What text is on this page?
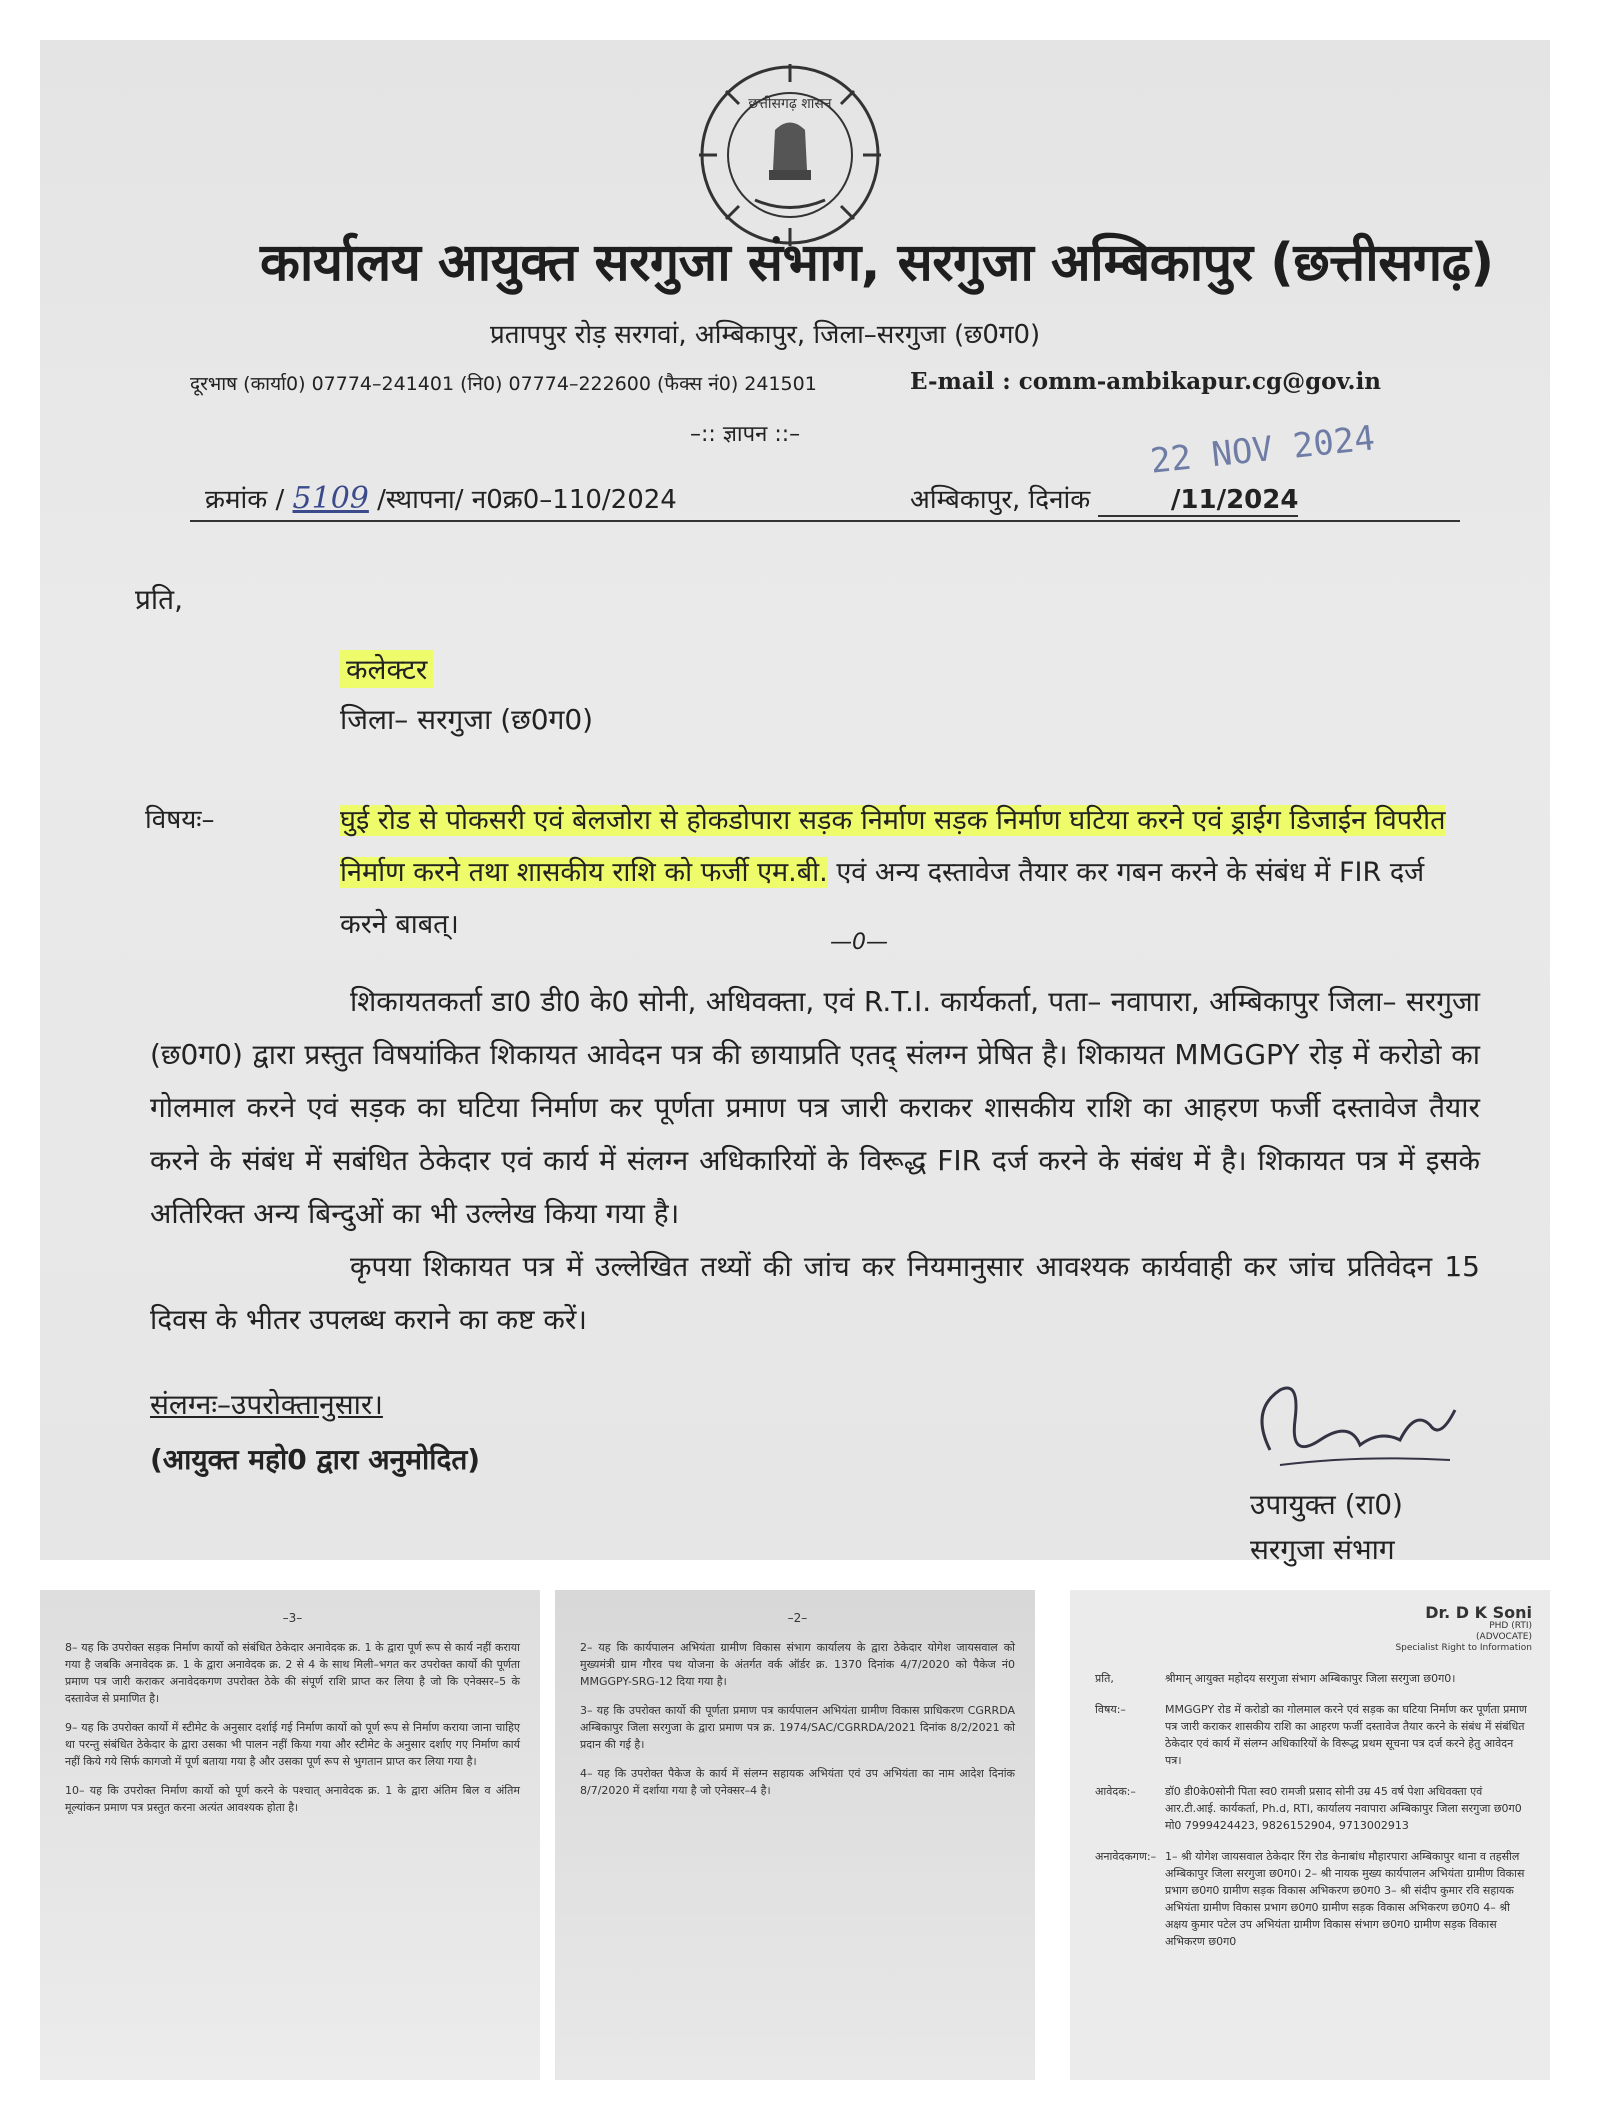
छत्तीसगढ़ शासन
कार्यालय आयुक्त सरगुजा संभाग, सरगुजा अम्बिकापुर (छत्तीसगढ़)
प्रतापपुर रोड़ सरगवां, अम्बिकापुर, जिला–सरगुजा (छ0ग0)
दूरभाष (कार्या0) 07774–241401 (नि0) 07774–222600 (फैक्स नं0) 241501	E-mail : comm-ambikapur.cg@gov.in
–:: ज्ञापन ::–
क्रमांक / 5109 /स्थापना/ न0क्र0–110/2024
22 NOV 2024
अम्बिकापुर, दिनांक	/11/2024
प्रति,
कलेक्टर
जिला– सरगुजा (छ0ग0)
विषयः–	घुई रोड से पोकसरी एवं बेलजोरा से होकडोपारा सड़क निर्माण सड़क निर्माण घटिया करने एवं ड्राईग डिजाईन विपरीत निर्माण करने तथा शासकीय राशि को फर्जी एम.बी. एवं अन्य दस्तावेज तैयार कर गबन करने के संबंध में FIR दर्ज करने बाबत्।
—0—

शिकायतकर्ता डा0 डी0 के0 सोनी, अधिवक्ता, एवं R.T.I. कार्यकर्ता, पता– नवापारा, अम्बिकापुर जिला– सरगुजा (छ0ग0) द्वारा प्रस्तुत विषयांकित शिकायत आवेदन पत्र की छायाप्रति एतद् संलग्न प्रेषित है। शिकायत MMGGPY रोड़ में करोडो का गोलमाल करने एवं सड़क का घटिया निर्माण कर पूर्णता प्रमाण पत्र जारी कराकर शासकीय राशि का आहरण फर्जी दस्तावेज तैयार करने के संबंध में सबंधित ठेकेदार एवं कार्य में संलग्न अधिकारियों के विरूद्ध FIR दर्ज करने के संबंध में है। शिकायत पत्र में इसके अतिरिक्त अन्य बिन्दुओं का भी उल्लेख किया गया है।

कृपया शिकायत पत्र में उल्लेखित तथ्यों की जांच कर नियमानुसार आवश्यक कार्यवाही कर जांच प्रतिवेदन 15 दिवस के भीतर उपलब्ध कराने का कष्ट करें।

संलग्नः–उपरोक्तानुसार।
(आयुक्त महो0 द्वारा अनुमोदित)
उपायुक्त (रा0)
सरगुजा संभाग
–3–

8– यह कि उपरोक्त सड़क निर्माण कार्यो को संबंधित ठेकेदार अनावेदक क्र. 1 के द्वारा पूर्ण रूप से कार्य नहीं कराया गया है जबकि अनावेदक क्र. 1 के द्वारा अनावेदक क्र. 2 से 4 के साथ मिली–भगत कर उपरोक्त कार्यो की पूर्णता प्रमाण पत्र जारी कराकर अनावेदकगण उपरोक्त ठेके की संपूर्ण राशि प्राप्त कर लिया है जो कि एनेक्सर–5 के दस्तावेज से प्रमाणित है।

9– यह कि उपरोक्त कार्यो में स्टीमेट के अनुसार दर्शाई गई निर्माण कार्यो को पूर्ण रूप से निर्माण कराया जाना चाहिए था परन्तु संबंधित ठेकेदार के द्वारा उसका भी पालन नहीं किया गया और स्टीमेट के अनुसार दर्शाए गए निर्माण कार्य नहीं किये गये सिर्फ कागजो में पूर्ण बताया गया है और उसका पूर्ण रूप से भुगतान प्राप्त कर लिया गया है।

10– यह कि उपरोक्त निर्माण कार्यो को पूर्ण करने के पश्चात् अनावेदक क्र. 1 के द्वारा अंतिम बिल व अंतिम मूल्यांकन प्रमाण पत्र प्रस्तुत करना अत्यंत आवश्यक होता है।

–2–

2– यह कि कार्यपालन अभियंता ग्रामीण विकास संभाग कार्यालय के द्वारा ठेकेदार योगेश जायसवाल को मुख्यमंत्री ग्राम गौरव पथ योजना के अंतर्गत वर्क ऑर्डर क्र. 1370 दिनांक 4/7/2020 को पैकेज नं0 MMGGPY-SRG-12 दिया गया है।

3– यह कि उपरोक्त कार्यो की पूर्णता प्रमाण पत्र कार्यपालन अभियंता ग्रामीण विकास प्राधिकरण CGRRDA अम्बिकापुर जिला सरगुजा के द्वारा प्रमाण पत्र क्र. 1974/SAC/CGRRDA/2021 दिनांक 8/2/2021 को प्रदान की गई है।

4– यह कि उपरोक्त पैकेज के कार्य में संलग्न सहायक अभियंता एवं उप अभियंता का नाम आदेश दिनांक 8/7/2020 में दर्शाया गया है जो एनेक्सर–4 है।

Dr. D K Soni
PHD (RTI)
(ADVOCATE)
Specialist Right to Information
प्रति,	श्रीमान् आयुक्त महोदय सरगुजा संभाग अम्बिकापुर जिला सरगुजा छ0ग0।
विषय:–	MMGGPY रोड में करोडो का गोलमाल करने एवं सड़क का घटिया निर्माण कर पूर्णता प्रमाण पत्र जारी कराकर शासकीय राशि का आहरण फर्जी दस्तावेज तैयार करने के संबंध में संबंधित ठेकेदार एवं कार्य में संलग्न अधिकारियों के विरूद्ध प्रथम सूचना पत्र दर्ज करने हेतु आवेदन पत्र।
आवेदक:–	डॉ0 डी0के0सोनी पिता स्व0 रामजी प्रसाद सोनी उम्र 45 वर्ष पेशा अधिवक्ता एवं आर.टी.आई. कार्यकर्ता, Ph.d, RTI, कार्यालय नवापारा अम्बिकापुर जिला सरगुजा छ0ग0 मो0 7999424423, 9826152904, 9713002913
अनावेदकगण:– 1– श्री योगेश जायसवाल ठेकेदार रिंग रोड केनाबांध मौहारपारा अम्बिकापुर थाना व तहसील अम्बिकापुर जिला सरगुजा छ0ग0। 2– श्री नायक मुख्य कार्यपालन अभियंता ग्रामीण विकास प्रभाग छ0ग0 ग्रामीण सड़क विकास अभिकरण छ0ग0 3– श्री संदीप कुमार रवि सहायक अभियंता ग्रामीण विकास प्रभाग छ0ग0 ग्रामीण सड़क विकास अभिकरण छ0ग0 4– श्री अक्षय कुमार पटेल उप अभियंता ग्रामीण विकास संभाग छ0ग0 ग्रामीण सड़क विकास अभिकरण छ0ग0
